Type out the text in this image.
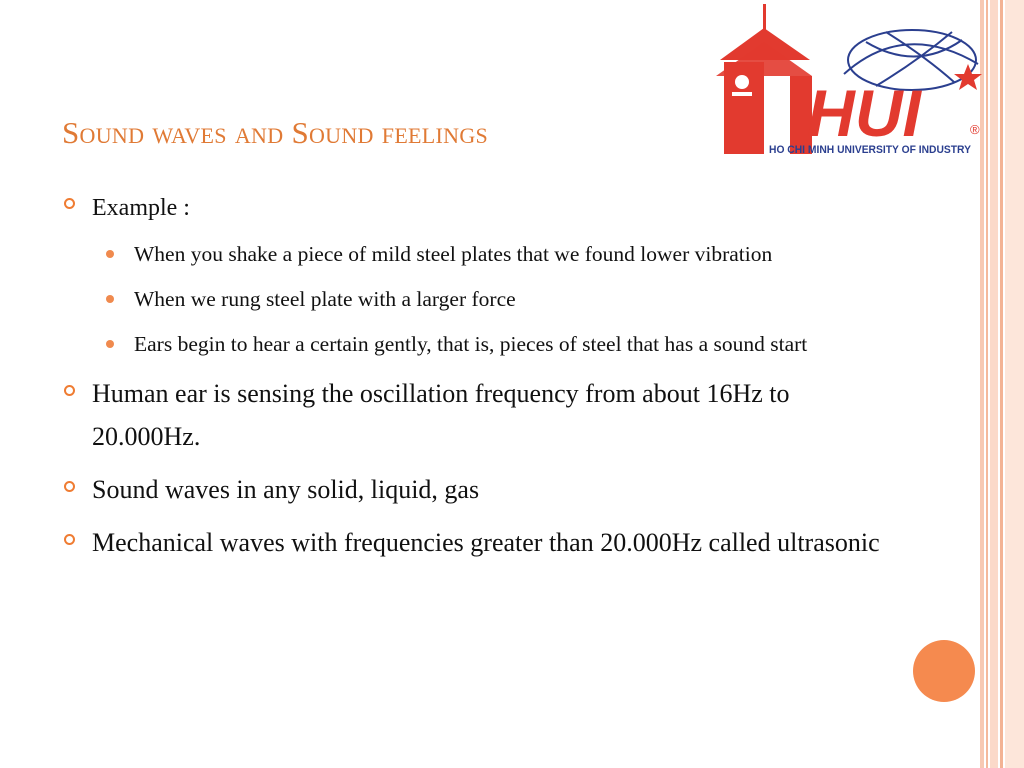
HUI	®
HO CHI MINH UNIVERSITY OF INDUSTRY
Sound waves and Sound feelings
Example :
When you shake a piece of mild steel plates that we found lower vibration
When we rung steel plate with a larger force
Ears begin to hear a certain gently, that is, pieces of steel that has a sound start
Human ear is sensing the oscillation frequency from about 16Hz to 20.000Hz.
Sound waves in any solid, liquid, gas
Mechanical waves with frequencies greater than 20.000Hz called ultrasonic
